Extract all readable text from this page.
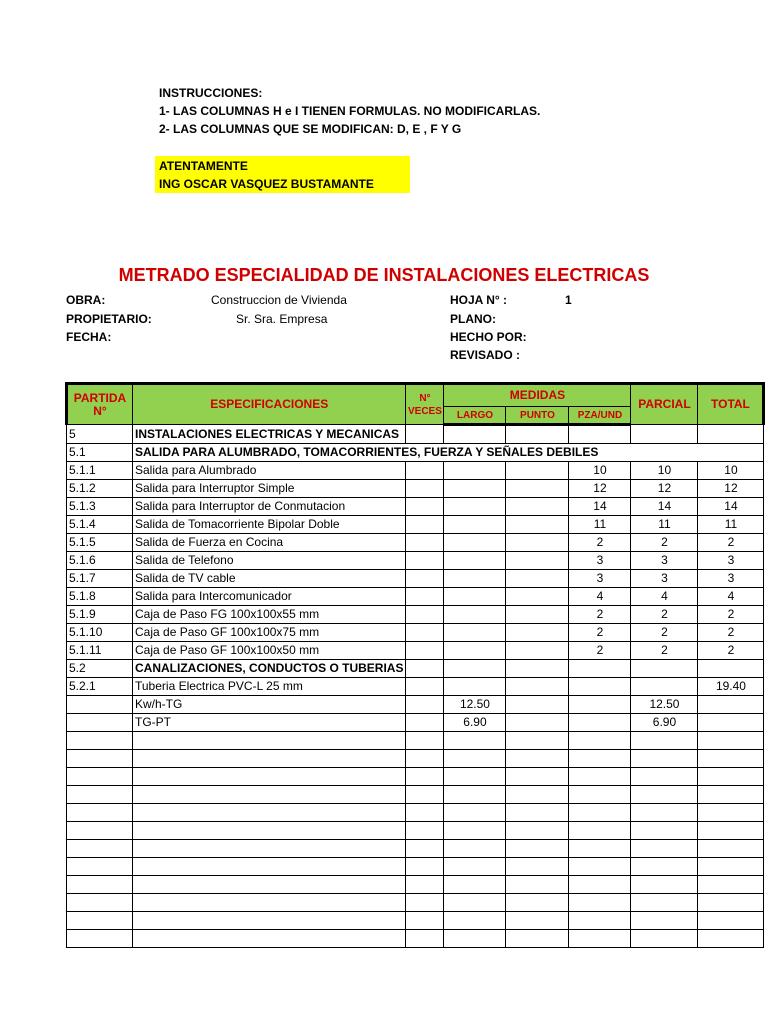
INSTRUCCIONES:
1- LAS COLUMNAS H e I TIENEN FORMULAS. NO MODIFICARLAS.
2- LAS COLUMNAS QUE SE MODIFICAN: D, E , F Y G
ATENTAMENTE
ING OSCAR VASQUEZ BUSTAMANTE
METRADO ESPECIALIDAD DE INSTALACIONES ELECTRICAS
OBRA:	Construccion de Vivienda
PROPIETARIO:	Sr. Sra. Empresa
FECHA:
HOJA N° :	1
PLANO:
HECHO POR:
REVISADO :
PARTIDA N°	ESPECIFICACIONES	N° VECES	MEDIDAS			PARCIAL	TOTAL
			LARGO	PUNTO	PZA/UND		
5	INSTALACIONES ELECTRICAS Y MECANICAS						
5.1	SALIDA PARA ALUMBRADO, TOMACORRIENTES, FUERZA Y SEÑALES DEBILES						
5.1.1	Salida para Alumbrado				10	10	10
5.1.2	Salida para Interruptor Simple				12	12	12
5.1.3	Salida para Interruptor de Conmutacion				14	14	14
5.1.4	Salida de Tomacorriente Bipolar Doble				11	11	11
5.1.5	Salida de Fuerza en Cocina				2	2	2
5.1.6	Salida de Telefono				3	3	3
5.1.7	Salida de TV cable				3	3	3
5.1.8	Salida para Intercomunicador				4	4	4
5.1.9	Caja de Paso FG 100x100x55 mm				2	2	2
5.1.10	Caja de Paso GF 100x100x75 mm				2	2	2
5.1.11	Caja de Paso GF 100x100x50 mm				2	2	2
5.2	CANALIZACIONES, CONDUCTOS O TUBERIAS						
5.2.1	Tuberia Electrica PVC-L 25 mm						19.40
	Kw/h-TG		12.50			12.50	
	TG-PT		6.90			6.90	
